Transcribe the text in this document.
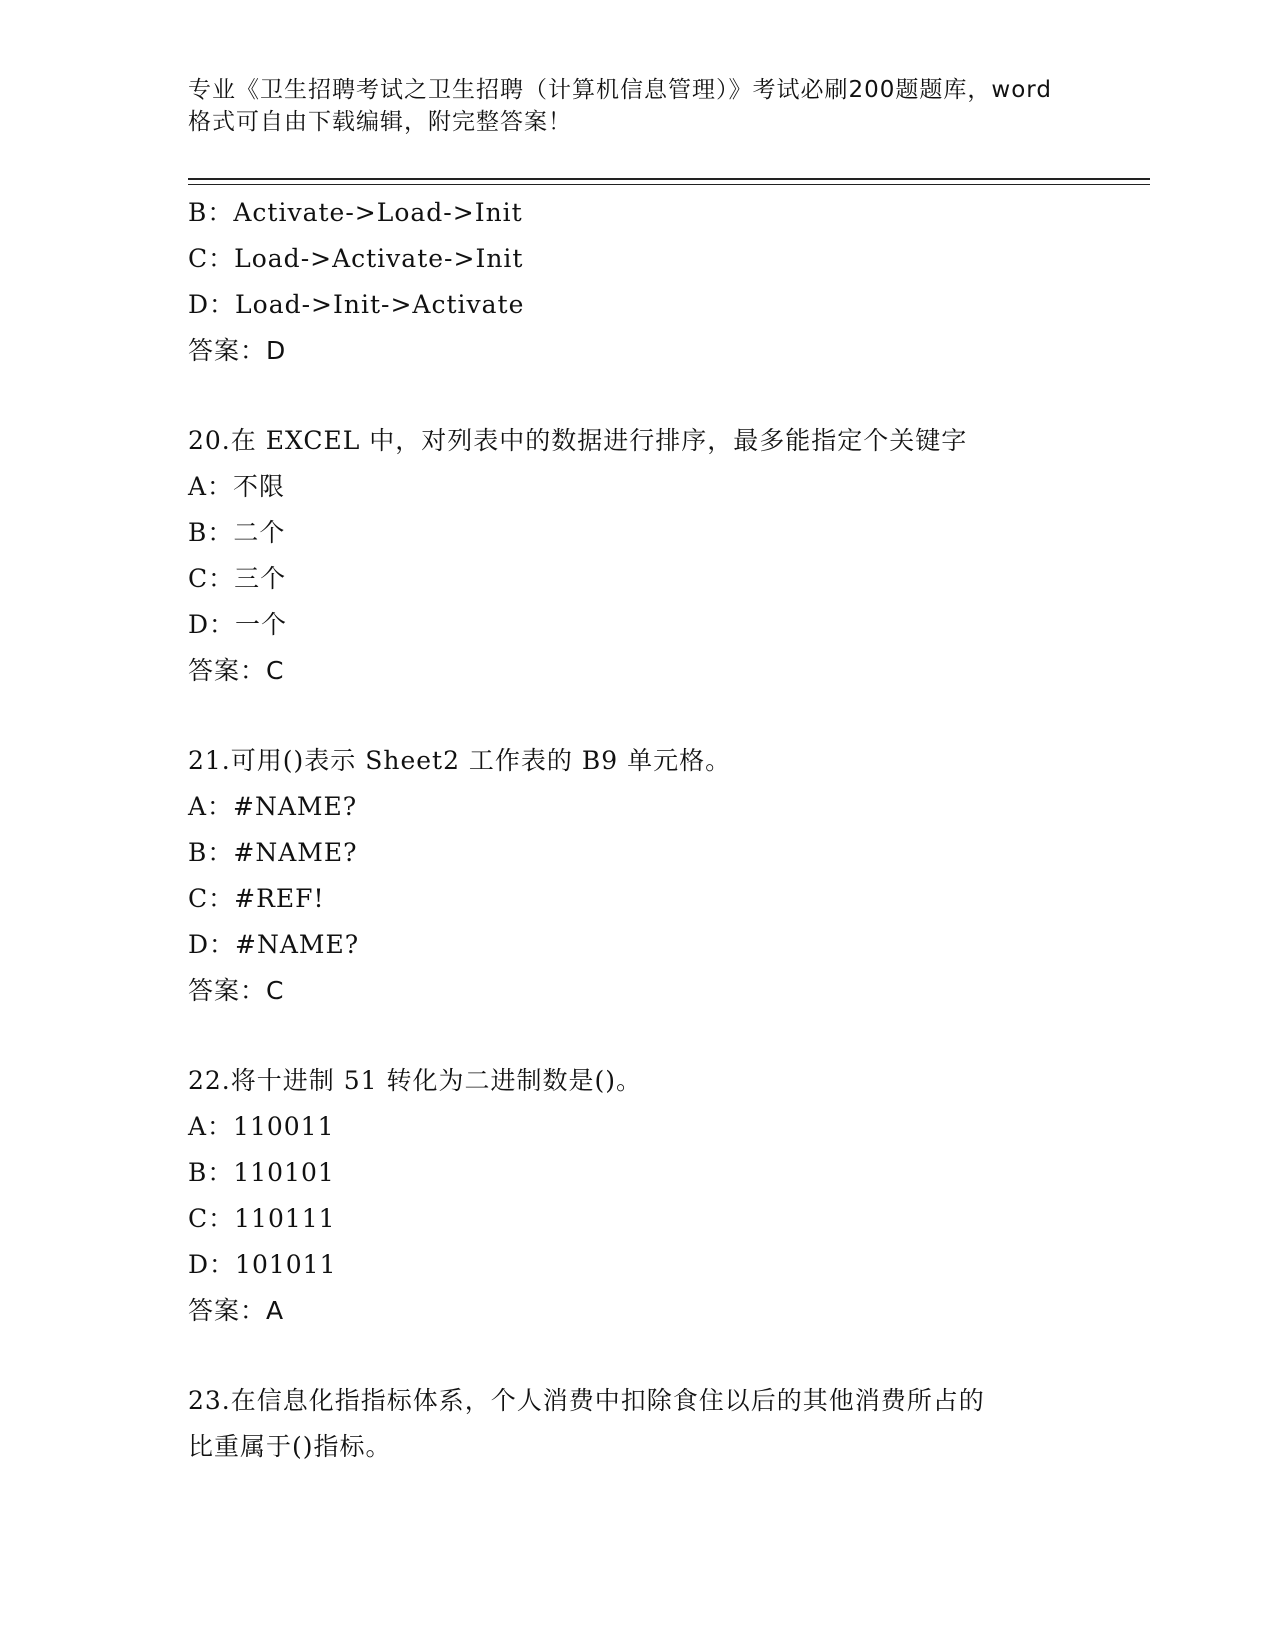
专业《卫生招聘考试之卫生招聘（计算机信息管理）》考试必刷200题题库，word
格式可自由下载编辑，附完整答案！
B：Activate->Load->Init
C：Load->Activate->Init
D：Load->Init->Activate
答案：D
20.在 EXCEL 中，对列表中的数据进行排序，最多能指定个关键字
A：不限
B：二个
C：三个
D：一个
答案：C
21.可用()表示 Sheet2 工作表的 B9 单元格。
A：#NAME?
B：#NAME?
C：#REF!
D：#NAME?
答案：C
22.将十进制 51 转化为二进制数是()。
A：110011
B：110101
C：110111
D：101011
答案：A
23.在信息化指指标体系，个人消费中扣除食住以后的其他消费所占的
比重属于()指标。
